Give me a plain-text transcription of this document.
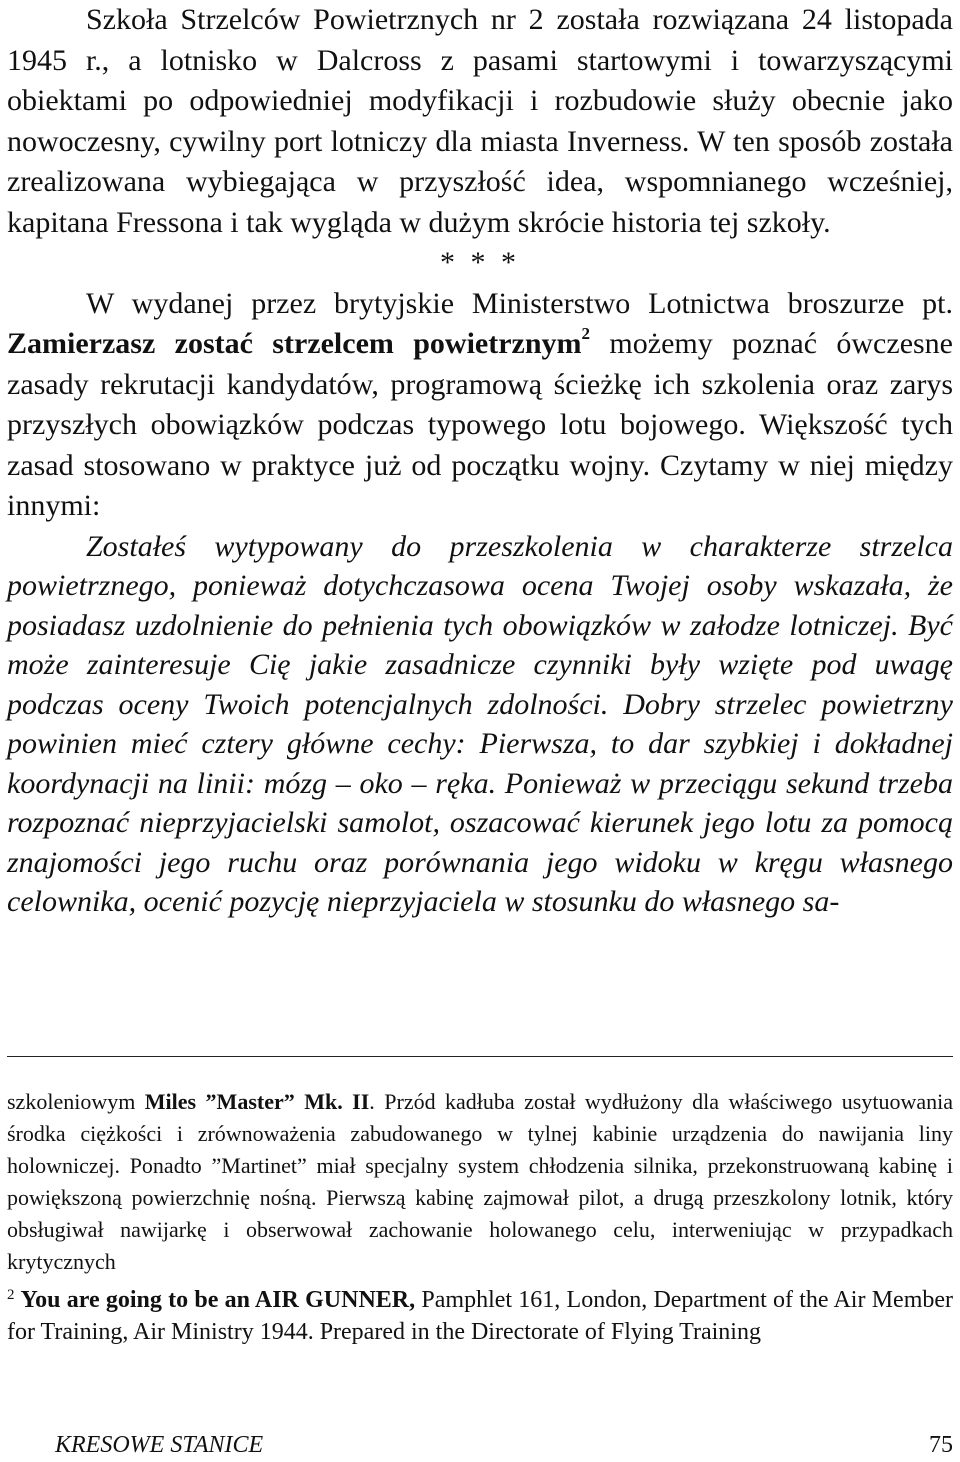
Szkoła Strzelców Powietrznych nr 2 została rozwiązana 24 listopada 1945 r., a lotnisko w Dalcross z pasami startowymi i towarzyszącymi obiektami po odpowiedniej modyfikacji i rozbudowie służy obecnie jako nowoczesny, cywilny port lotniczy dla miasta Inverness. W ten sposób została zrealizowana wybiegająca w przyszłość idea, wspomnianego wcześniej, kapitana Fressona i tak wygląda w dużym skrócie historia tej szkoły.

* * *

W wydanej przez brytyjskie Ministerstwo Lotnictwa broszurze pt. Zamierzasz zostać strzelcem powietrznym$^2$ możemy poznać ówczesne zasady rekrutacji kandydatów, programową ścieżkę ich szkolenia oraz zarys przyszłych obowiązków podczas typowego lotu bojowego. Większość tych zasad stosowano w praktyce już od początku wojny. Czytamy w niej między innymi:

Zostałeś wytypowany do przeszkolenia w charakterze strzelca powietrznego, ponieważ dotychczasowa ocena Twojej osoby wskazała, że posiadasz uzdolnienie do pełnienia tych obowiązków w załodze lotniczej. Być może zainteresuje Cię jakie zasadnicze czynniki były wzięte pod uwagę podczas oceny Twoich potencjalnych zdolności. Dobry strzelec powietrzny powinien mieć cztery główne cechy: Pierwsza, to dar szybkiej i dokładnej koordynacji na linii: mózg – oko – ręka. Ponieważ w przeciągu sekund trzeba rozpoznać nieprzyjacielski samolot, oszacować kierunek jego lotu za pomocą znajomości jego ruchu oraz porównania jego widoku w kręgu własnego celownika, ocenić pozycję nieprzyjaciela w stosunku do własnego sa-

szkoleniowym Miles ”Master” Mk. II. Przód kadłuba został wydłużony dla właściwego usytuowania środka ciężkości i zrównoważenia zabudowanego w tylnej kabinie urządzenia do nawijania liny holowniczej. Ponadto ”Martinet” miał specjalny system chłodzenia silnika, przekonstruowaną kabinę i powiększoną powierzchnię nośną. Pierwszą kabinę zajmował pilot, a drugą przeszkolony lotnik, który obsługiwał nawijarkę i obserwował zachowanie holowanego celu, interweniując w przypadkach krytycznych

$^2$ You are going to be an AIR GUNNER, Pamphlet 161, London, Department of the Air Member for Training, Air Ministry 1944. Prepared in the Directorate of Flying Training

KRESOWE STANICE	75
